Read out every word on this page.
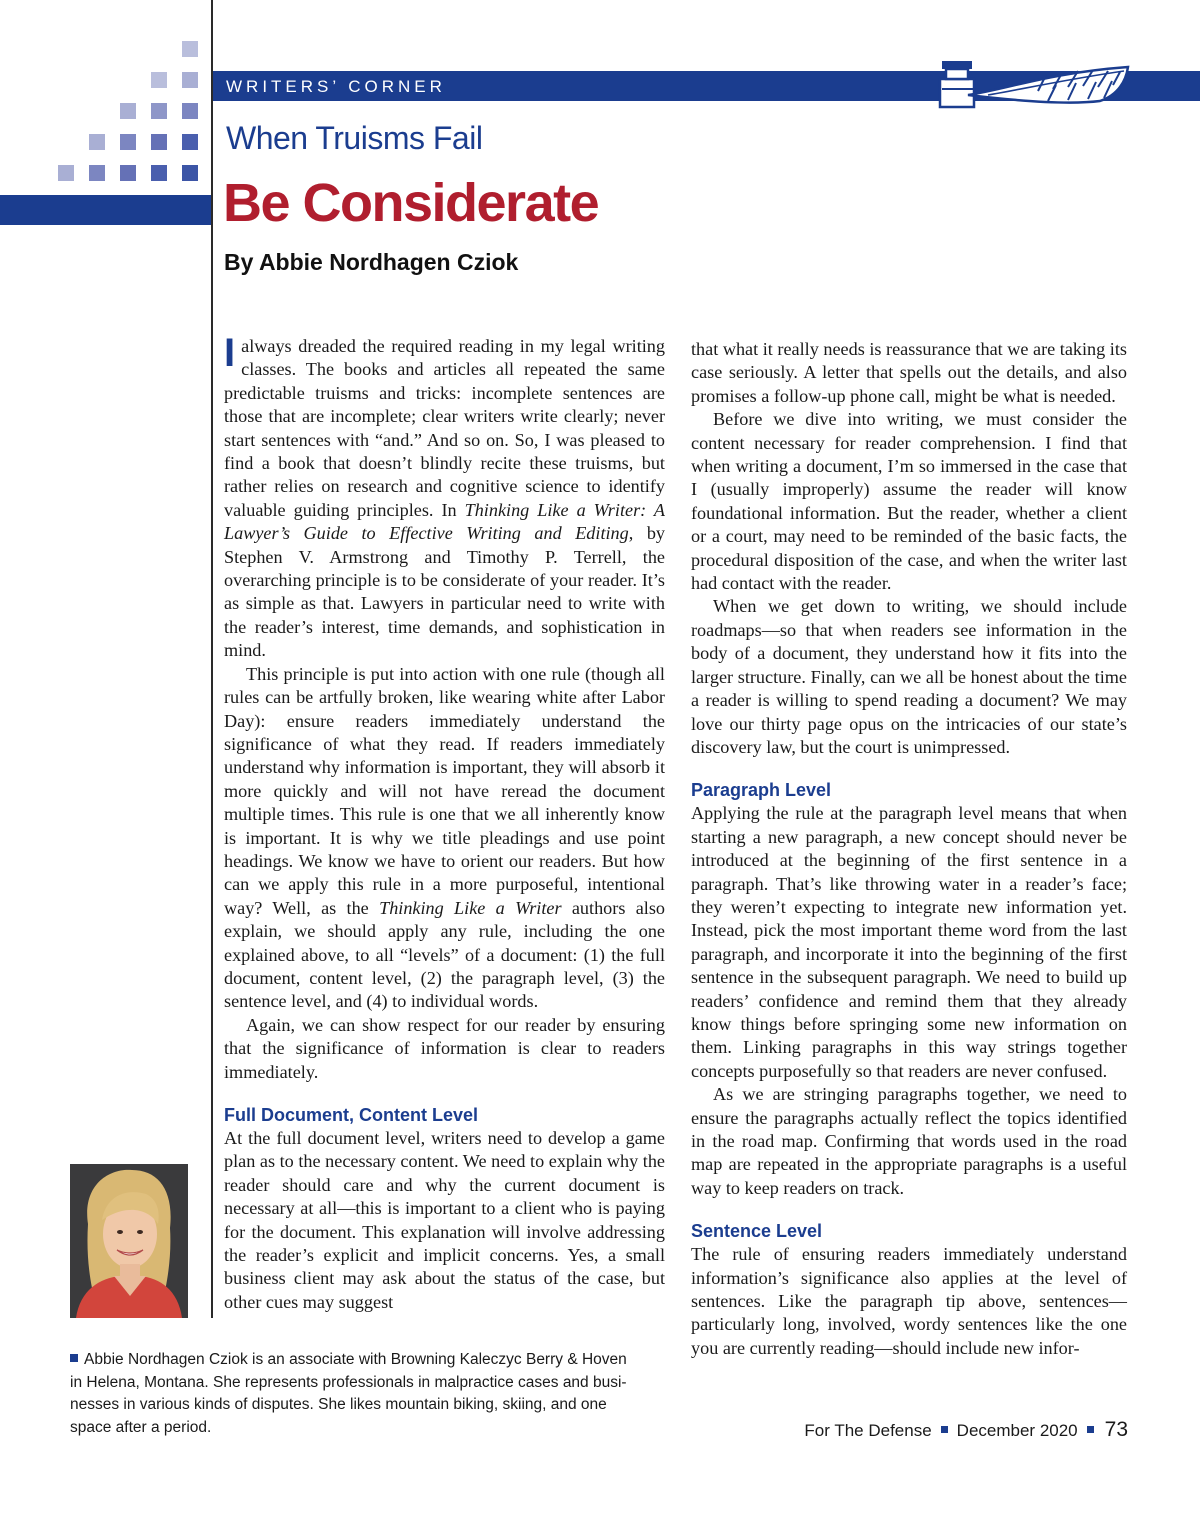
WRITERS’ CORNER
When Truisms Fail
Be Considerate
By Abbie Nordhagen Cziok

Ialways dreaded the required reading in my legal writing classes. The books and articles all repeated the same predictable truisms and tricks: incomplete sentences are those that are incomplete; clear writers write clearly; never start sentences with “and.” And so on. So, I was pleased to find a book that doesn’t blindly recite these truisms, but rather relies on research and cognitive science to identify valuable guiding principles. In Thinking Like a Writer: A Lawyer’s Guide to Effective Writing and Editing, by Stephen V. Armstrong and Timothy P. Terrell, the overarching principle is to be considerate of your reader. It’s as simple as that. Lawyers in particular need to write with the reader’s interest, time demands, and sophistication in mind.

This principle is put into action with one rule (though all rules can be artfully broken, like wearing white after Labor Day): ensure readers immediately understand the significance of what they read. If readers immediately understand why information is important, they will absorb it more quickly and will not have reread the document multiple times. This rule is one that we all inherently know is important. It is why we title pleadings and use point headings. We know we have to orient our readers. But how can we apply this rule in a more purposeful, intentional way? Well, as the Thinking Like a Writer authors also explain, we should apply any rule, including the one explained above, to all “levels” of a document: (1) the full document, content level, (2) the paragraph level, (3) the sentence level, and (4) to individual words.

Again, we can show respect for our reader by ensuring that the significance of information is clear to readers immediately.

Full Document, Content Level

At the full document level, writers need to develop a game plan as to the necessary content. We need to explain why the reader should care and why the current document is necessary at all—this is important to a client who is paying for the document. This explanation will involve addressing the reader’s explicit and implicit concerns. Yes, a small business client may ask about the status of the case, but other cues may suggest

that what it really needs is reassurance that we are taking its case seriously. A letter that spells out the details, and also promises a follow-up phone call, might be what is needed.

Before we dive into writing, we must consider the content necessary for reader comprehension. I find that when writing a document, I’m so immersed in the case that I (usually improperly) assume the reader will know foundational information. But the reader, whether a client or a court, may need to be reminded of the basic facts, the procedural disposition of the case, and when the writer last had contact with the reader.

When we get down to writing, we should include roadmaps—so that when readers see information in the body of a document, they understand how it fits into the larger structure. Finally, can we all be honest about the time a reader is willing to spend reading a document? We may love our thirty page opus on the intricacies of our state’s discovery law, but the court is unimpressed.

Paragraph Level

Applying the rule at the paragraph level means that when starting a new paragraph, a new concept should never be introduced at the beginning of the first sentence in a paragraph. That’s like throwing water in a reader’s face; they weren’t expecting to integrate new information yet. Instead, pick the most important theme word from the last paragraph, and incorporate it into the beginning of the first sentence in the subsequent paragraph. We need to build up readers’ confidence and remind them that they already know things before springing some new information on them. Linking paragraphs in this way strings together concepts purposefully so that readers are never confused.

As we are stringing paragraphs together, we need to ensure the paragraphs actually reflect the topics identified in the road map. Confirming that words used in the road map are repeated in the appropriate paragraphs is a useful way to keep readers on track.

Sentence Level

The rule of ensuring readers immediately understand information’s significance also applies at the level of sentences. Like the paragraph tip above, sentences—particularly long, involved, wordy sentences like the one you are currently reading—should include new infor-

Abbie Nordhagen Cziok is an associate with Browning Kaleczyc Berry & Hoven in Helena, Montana. She represents professionals in malpractice cases and businesses in various kinds of disputes. She likes mountain biking, skiing, and one space after a period.	For The Defense December 2020 73
